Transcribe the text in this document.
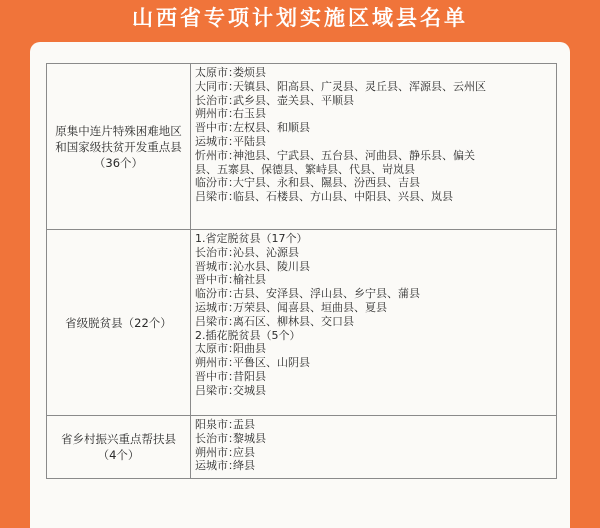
山西省专项计划实施区域县名单
原集中连片特殊困难地区和国家级扶贫开发重点县
（36个）
太原市：
娄烦县
大同市：
天镇县、阳高县、广灵县、灵丘县、浑源县、云州区
长治市：
武乡县、壶关县、平顺县
朔州市：
右玉县
晋中市：
左权县、和顺县
运城市：
平陆县
忻州市：
神池县、宁武县、五台县、河曲县、静乐县、偏关
县、五寨县、保德县、繁峙县、代县、岢岚县
临汾市：
大宁县、永和县、隰县、汾西县、吉县
吕梁市：
临县、石楼县、方山县、中阳县、兴县、岚县
省级脱贫县（22个）
1.省定脱贫县（17个）
长治市：
沁县、沁源县
晋城市：
沁水县、陵川县
晋中市：
榆社县
临汾市：
古县、安泽县、浮山县、乡宁县、蒲县
运城市：
万荣县、闻喜县、垣曲县、夏县
吕梁市：
离石区、柳林县、交口县
2.插花脱贫县（5个）
太原市：
阳曲县
朔州市：
平鲁区、山阴县
晋中市：
昔阳县
吕梁市：
交城县
省乡村振兴重点帮扶县
（4个）
阳泉市：
盂县
长治市：
黎城县
朔州市：
应县
运城市：
绛县
